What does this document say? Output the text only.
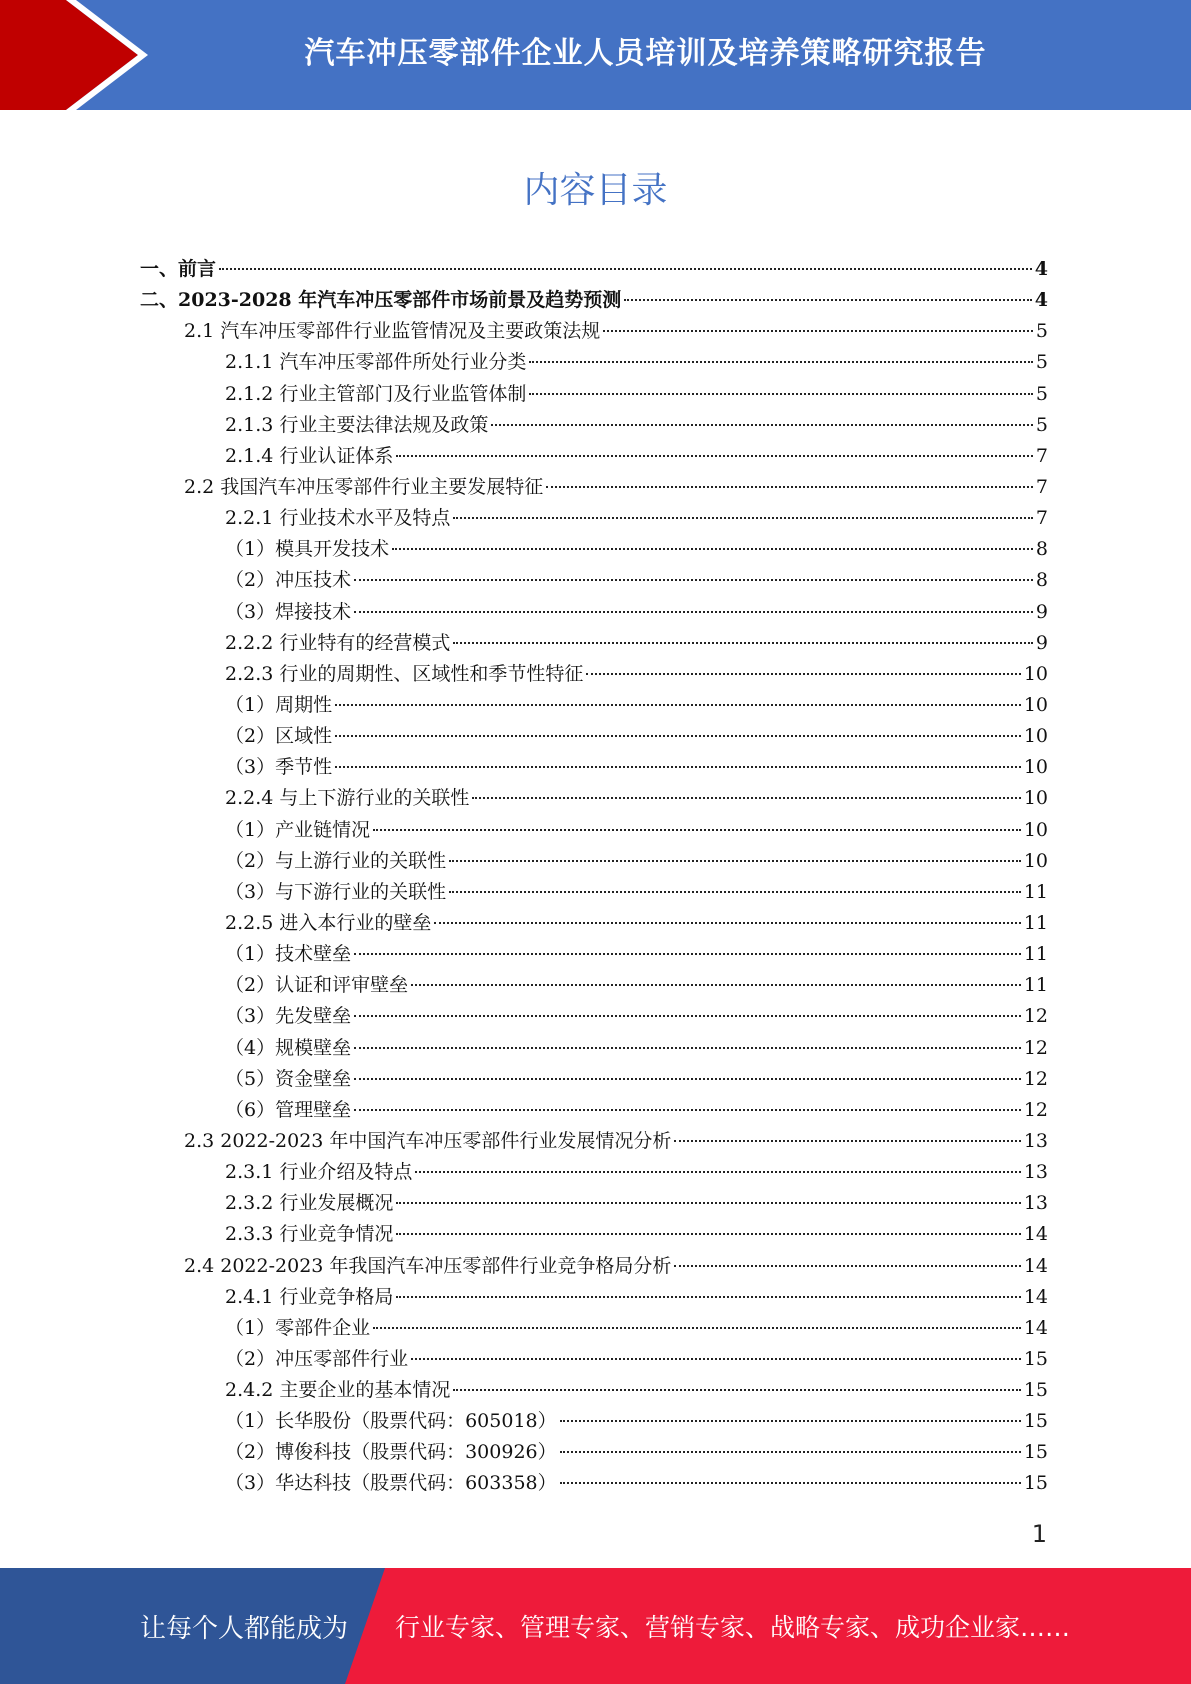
汽车冲压零部件企业人员培训及培养策略研究报告
内容目录
一、前言	4
二、2023-2028 年汽车冲压零部件市场前景及趋势预测	4
2.1 汽车冲压零部件行业监管情况及主要政策法规	5
2.1.1 汽车冲压零部件所处行业分类	5
2.1.2 行业主管部门及行业监管体制	5
2.1.3 行业主要法律法规及政策	5
2.1.4 行业认证体系	7
2.2 我国汽车冲压零部件行业主要发展特征	7
2.2.1 行业技术水平及特点	7
（1）模具开发技术	8
（2）冲压技术	8
（3）焊接技术	9
2.2.2 行业特有的经营模式	9
2.2.3 行业的周期性、区域性和季节性特征	10
（1）周期性	10
（2）区域性	10
（3）季节性	10
2.2.4 与上下游行业的关联性	10
（1）产业链情况	10
（2）与上游行业的关联性	10
（3）与下游行业的关联性	11
2.2.5 进入本行业的壁垒	11
（1）技术壁垒	11
（2）认证和评审壁垒	11
（3）先发壁垒	12
（4）规模壁垒	12
（5）资金壁垒	12
（6）管理壁垒	12
2.3 2022-2023 年中国汽车冲压零部件行业发展情况分析	13
2.3.1 行业介绍及特点	13
2.3.2 行业发展概况	13
2.3.3 行业竞争情况	14
2.4 2022-2023 年我国汽车冲压零部件行业竞争格局分析	14
2.4.1 行业竞争格局	14
（1）零部件企业	14
（2）冲压零部件行业	15
2.4.2 主要企业的基本情况	15
（1）长华股份（股票代码：605018）	15
（2）博俊科技（股票代码：300926）	15
（3）华达科技（股票代码：603358）	15
1
让每个人都能成为 行业专家、管理专家、营销专家、战略专家、成功企业家……
